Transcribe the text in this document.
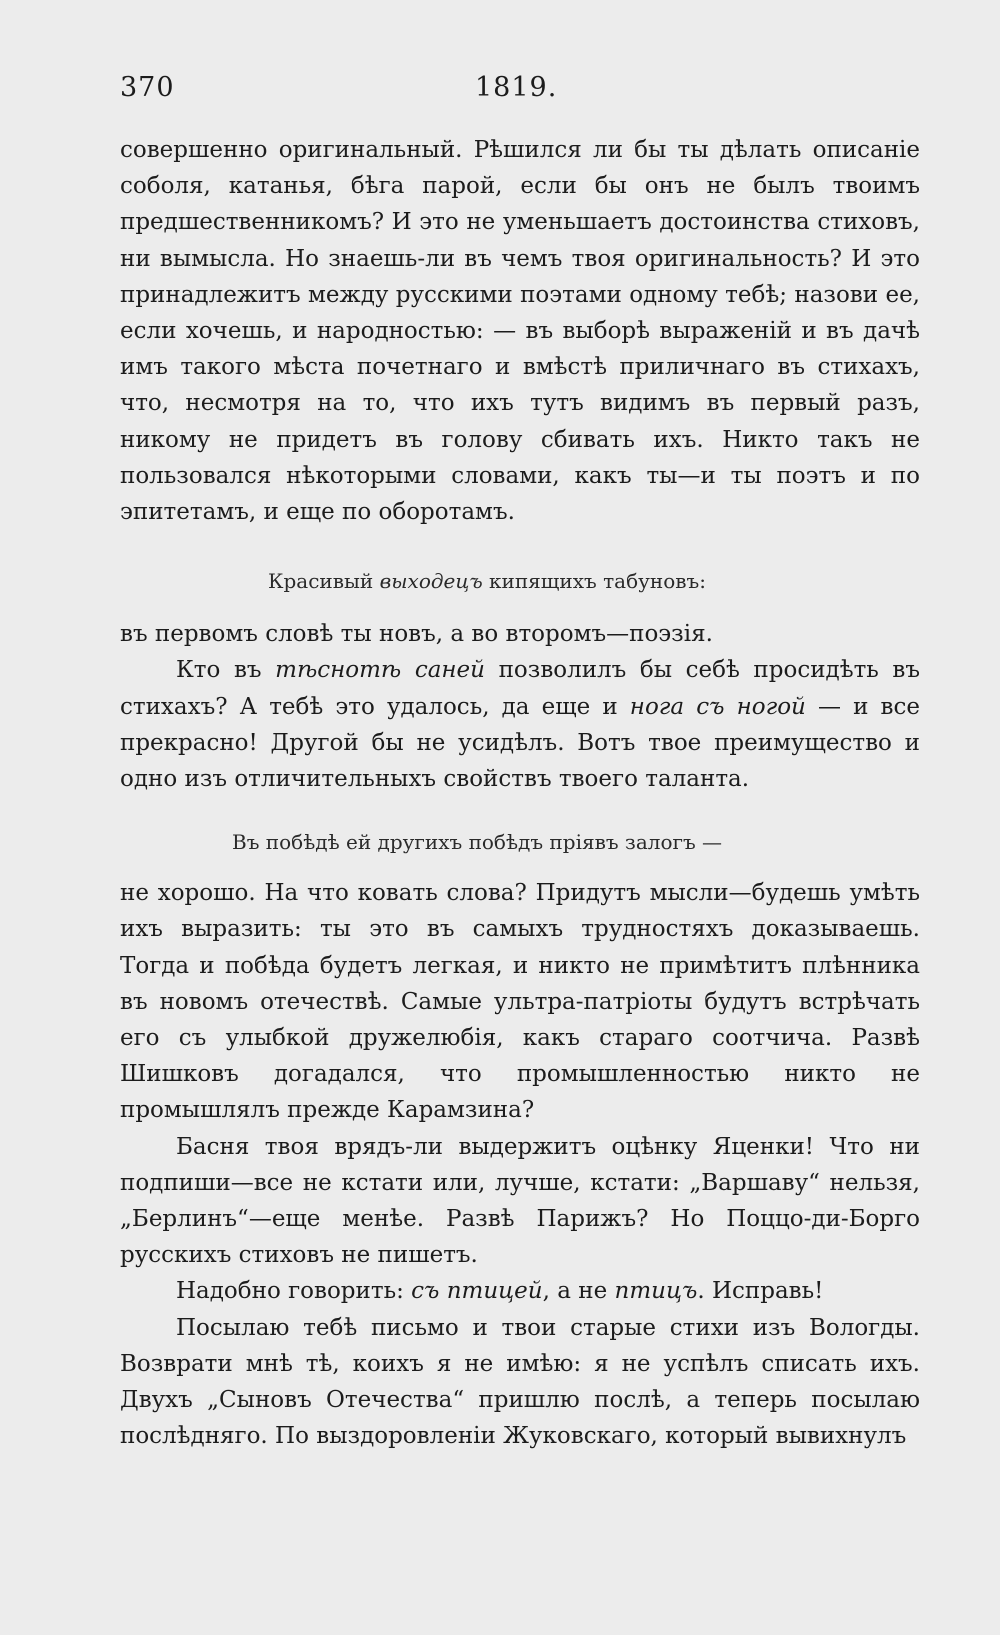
370	1819.

совершенно оригинальный. Рѣшился ли бы ты дѣлать описаніе соболя, катанья, бѣга парой, если бы онъ не былъ твоимъ предшественникомъ? И это не уменьшаетъ достоинства стиховъ, ни вымысла. Но знаешь-ли въ чемъ твоя оригинальность? И это принадлежитъ между русскими поэтами одному тебѣ; назови ее, если хочешь, и народностью: — въ выборѣ выраженій и въ дачѣ имъ такого мѣста почетнаго и вмѣстѣ приличнаго въ стихахъ, что, несмотря на то, что ихъ тутъ видимъ въ первый разъ, никому не придетъ въ голову сбивать ихъ. Никто такъ не пользовался нѣкоторыми словами, какъ ты—и ты поэтъ и по эпитетамъ, и еще по оборотамъ.

Красивый выходецъ кипящихъ табуновъ:

въ первомъ словѣ ты новъ, а во второмъ—поэзія.

Кто въ тѣснотѣ саней позволилъ бы себѣ просидѣть въ стихахъ? А тебѣ это удалось, да еще и нога съ ногой — и все прекрасно! Другой бы не усидѣлъ. Вотъ твое преимущество и одно изъ отличительныхъ свойствъ твоего таланта.

Въ побѣдѣ ей другихъ побѣдъ пріявъ залогъ —

не хорошо. На что ковать слова? Придутъ мысли—будешь умѣть ихъ выразить: ты это въ самыхъ трудностяхъ доказываешь. Тогда и побѣда будетъ легкая, и никто не примѣтитъ плѣнника въ новомъ отечествѣ. Самые ультра-патріоты будутъ встрѣчать его съ улыбкой дружелюбія, какъ стараго соотчича. Развѣ Шишковъ догадался, что промышленностью никто не промышлялъ прежде Карамзина?

Басня твоя врядъ-ли выдержитъ оцѣнку Яценки! Что ни подпиши—все не кстати или, лучше, кстати: „Варшаву“ нельзя, „Берлинъ“—еще менѣе. Развѣ Парижъ? Но Поццо-ди-Борго русскихъ стиховъ не пишетъ.

Надобно говорить: съ птицей, а не птицъ. Исправь!

Посылаю тебѣ письмо и твои старые стихи изъ Вологды. Возврати мнѣ тѣ, коихъ я не имѣю: я не успѣлъ списать ихъ. Двухъ „Сыновъ Отечества“ пришлю послѣ, а теперь посылаю послѣдняго. По выздоровленіи Жуковскаго, который вывихнулъ
